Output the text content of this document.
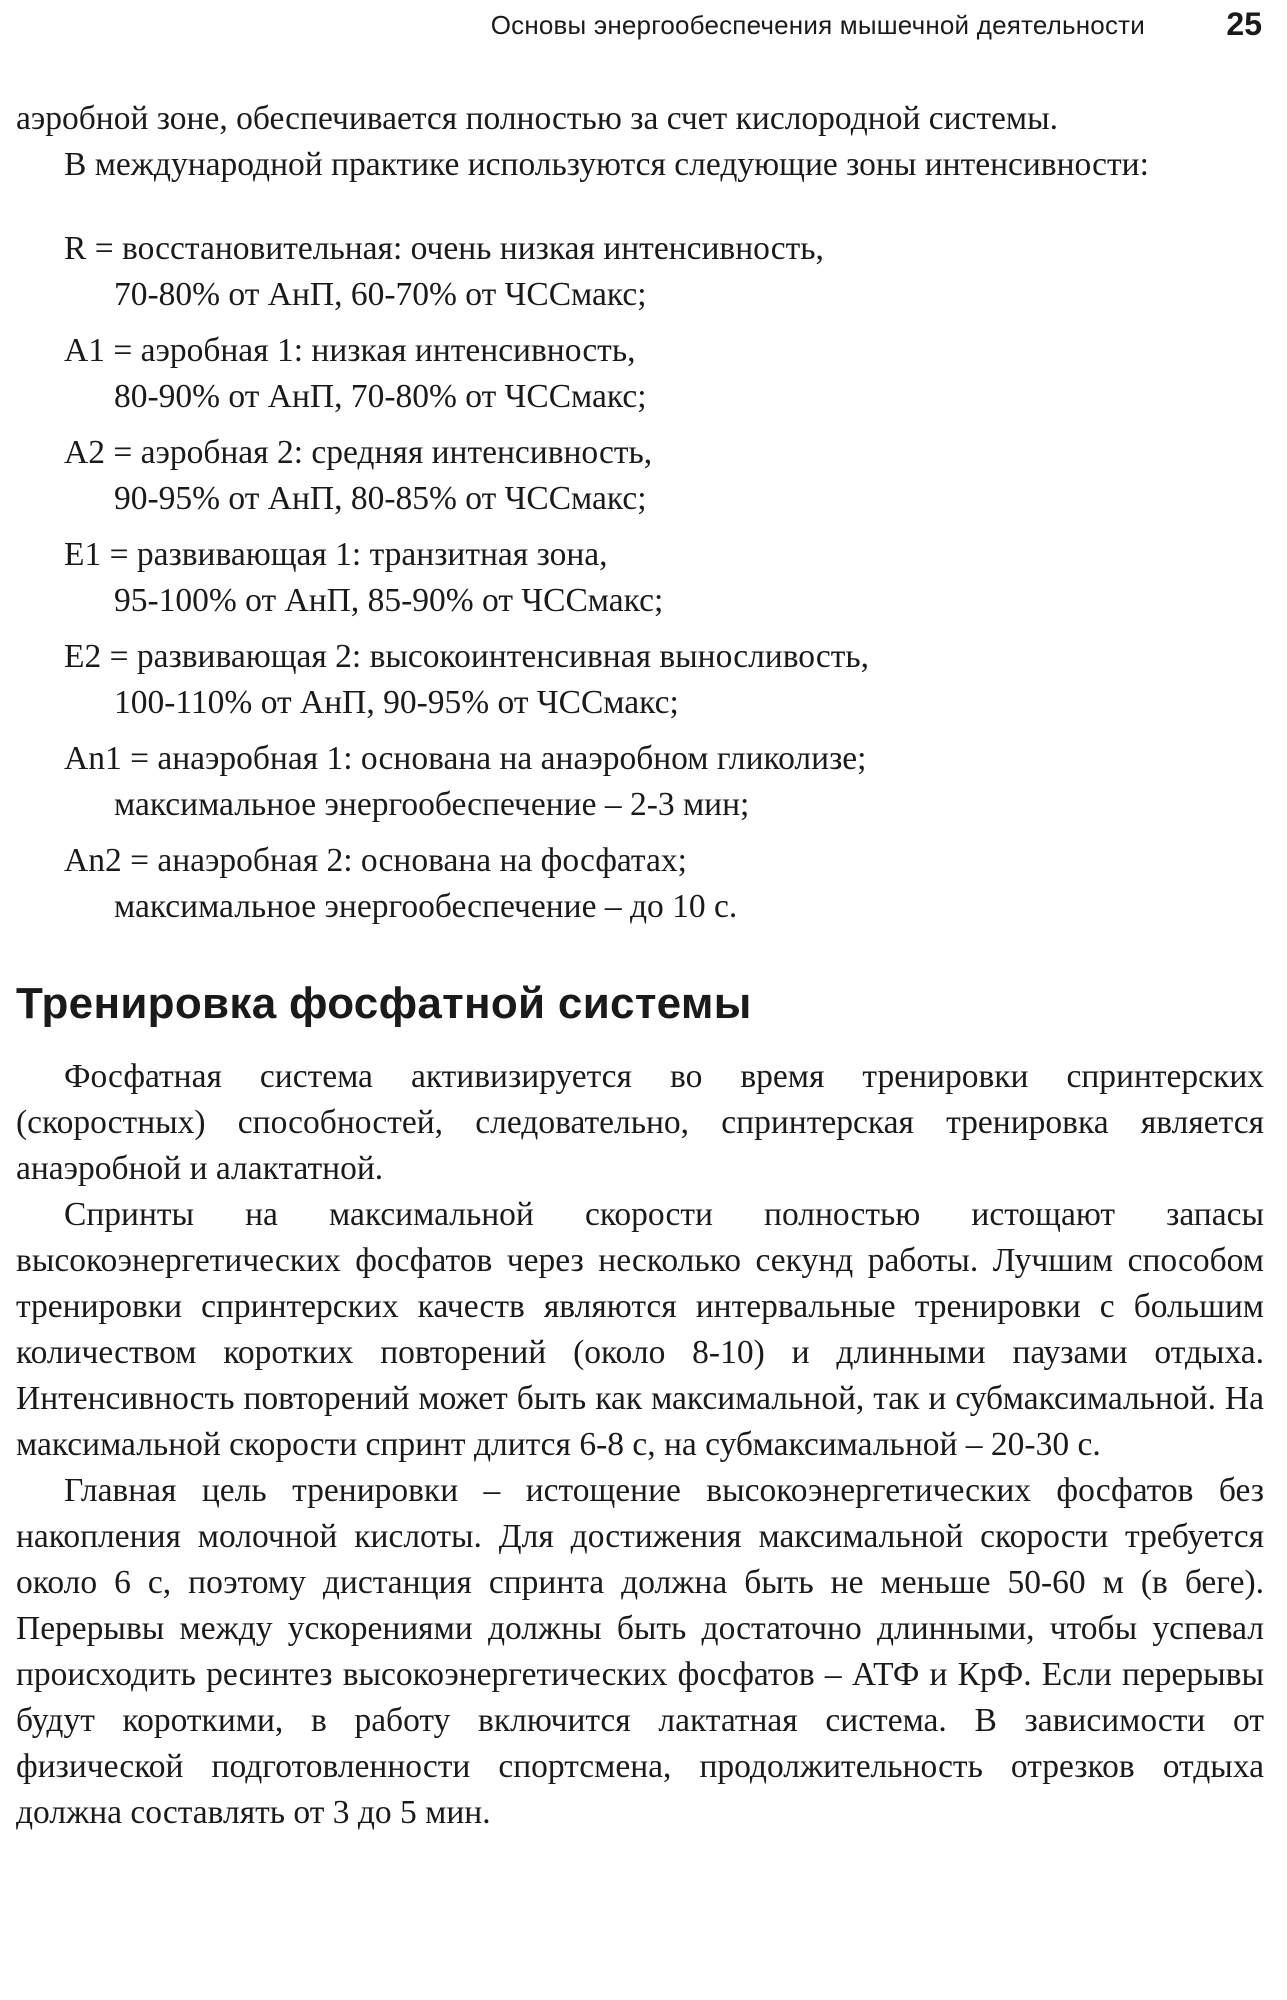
Основы энергообеспечения мышечной деятельности	25

аэробной зоне, обеспечивается полностью за счет кислородной системы.

В международной практике используются следующие зоны интенсивности:

R = восстановительная: очень низкая интенсивность,
70-80% от АнП, 60-70% от ЧССмакс;
A1 = аэробная 1: низкая интенсивность,
80-90% от АнП, 70-80% от ЧССмакс;
A2 = аэробная 2: средняя интенсивность,
90-95% от АнП, 80-85% от ЧССмакс;
E1 = развивающая 1: транзитная зона,
95-100% от АнП, 85-90% от ЧССмакс;
E2 = развивающая 2: высокоинтенсивная выносливость,
100-110% от АнП, 90-95% от ЧССмакс;
An1 = анаэробная 1: основана на анаэробном гликолизе;
максимальное энергообеспечение – 2-3 мин;
An2 = анаэробная 2: основана на фосфатах;
максимальное энергообеспечение – до 10 с.
Тренировка фосфатной системы

Фосфатная система активизируется во время тренировки спринтерских (скоростных) способностей, следовательно, спринтерская тренировка является анаэробной и алактатной.

Спринты на максимальной скорости полностью истощают запасы высокоэнергетических фосфатов через несколько секунд работы. Лучшим способом тренировки спринтерских качеств являются интервальные тренировки с большим количеством коротких повторений (около 8-10) и длинными паузами отдыха. Интенсивность повторений может быть как максимальной, так и субмаксимальной. На максимальной скорости спринт длится 6-8 с, на субмаксимальной – 20-30 с.

Главная цель тренировки – истощение высокоэнергетических фосфатов без накопления молочной кислоты. Для достижения максимальной скорости требуется около 6 с, поэтому дистанция спринта должна быть не меньше 50-60 м (в беге). Перерывы между ускорениями должны быть достаточно длинными, чтобы успевал происходить ресинтез высокоэнергетических фосфатов – АТФ и КрФ. Если перерывы будут короткими, в работу включится лактатная система. В зависимости от физической подготовленности спортсмена, продолжительность отрезков отдыха должна составлять от 3 до 5 мин.
